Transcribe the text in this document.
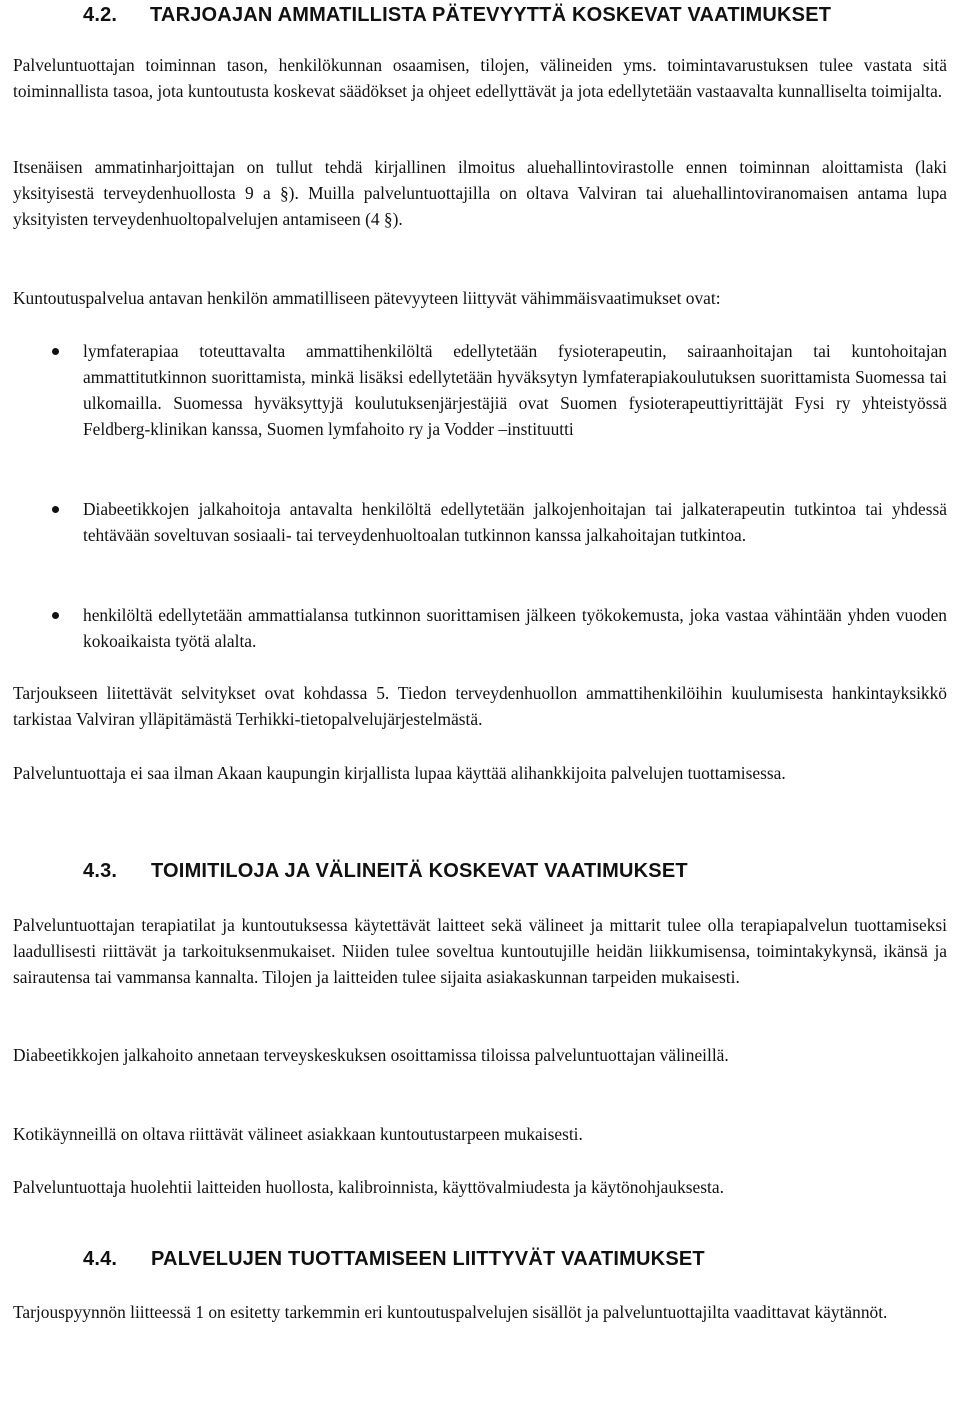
4.2.	TARJOAJAN AMMATILLISTA PÄTEVYYTTÄ KOSKEVAT VAATIMUKSET

Palveluntuottajan toiminnan tason, henkilökunnan osaamisen, tilojen, välineiden yms. toimintavarustuksen tulee vastata sitä toiminnallista tasoa, jota kuntoutusta koskevat säädökset ja ohjeet edellyttävät ja jota edellytetään vastaavalta kunnalliselta toimijalta.

Itsenäisen ammatinharjoittajan on tullut tehdä kirjallinen ilmoitus aluehallintovirastolle ennen toiminnan aloittamista (laki yksityisestä terveydenhuollosta 9 a §). Muilla palveluntuottajilla on oltava Valviran tai aluehallintoviranomaisen antama lupa yksityisten terveydenhuoltopalvelujen antamiseen (4 §).

Kuntoutuspalvelua antavan henkilön ammatilliseen pätevyyteen liittyvät vähimmäisvaatimukset ovat:

lymfaterapiaa toteuttavalta ammattihenkilöltä edellytetään fysioterapeutin, sairaanhoitajan tai kuntohoitajan ammattitutkinnon suorittamista, minkä lisäksi edellytetään hyväksytyn lymfaterapiakoulutuksen suorittamista Suomessa tai ulkomailla. Suomessa hyväksyttyjä koulutuksenjärjestäjiä ovat Suomen fysioterapeuttiyrittäjät Fysi ry yhteistyössä Feldberg-klinikan kanssa, Suomen lymfahoito ry ja Vodder –instituutti

Diabeetikkojen jalkahoitoja antavalta henkilöltä edellytetään jalkojenhoitajan tai jalkaterapeutin tutkintoa tai yhdessä tehtävään soveltuvan sosiaali- tai terveydenhuoltoalan tutkinnon kanssa jalkahoitajan tutkintoa.

henkilöltä edellytetään ammattialansa tutkinnon suorittamisen jälkeen työkokemusta, joka vastaa vähintään yhden vuoden kokoaikaista työtä alalta.

Tarjoukseen liitettävät selvitykset ovat kohdassa 5. Tiedon terveydenhuollon ammattihenkilöihin kuulumisesta hankintayksikkö tarkistaa Valviran ylläpitämästä Terhikki-tietopalvelujärjestelmästä.

Palveluntuottaja ei saa ilman Akaan kaupungin kirjallista lupaa käyttää alihankkijoita palvelujen tuottamisessa.

4.3.	TOIMITILOJA JA VÄLINEITÄ KOSKEVAT VAATIMUKSET

Palveluntuottajan terapiatilat ja kuntoutuksessa käytettävät laitteet sekä välineet ja mittarit tulee olla terapiapalvelun tuottamiseksi laadullisesti riittävät ja tarkoituksenmukaiset. Niiden tulee soveltua kuntoutujille heidän liikkumisensa, toimintakykynsä, ikänsä ja sairautensa tai vammansa kannalta. Tilojen ja laitteiden tulee sijaita asiakaskunnan tarpeiden mukaisesti.

Diabeetikkojen jalkahoito annetaan terveyskeskuksen osoittamissa tiloissa palveluntuottajan välineillä.

Kotikäynneillä on oltava riittävät välineet asiakkaan kuntoutustarpeen mukaisesti.

Palveluntuottaja huolehtii laitteiden huollosta, kalibroinnista, käyttövalmiudesta ja käytönohjauksesta.

4.4.	PALVELUJEN TUOTTAMISEEN LIITTYVÄT VAATIMUKSET

Tarjouspyynnön liitteessä 1 on esitetty tarkemmin eri kuntoutuspalvelujen sisällöt ja palveluntuottajilta vaadittavat käytännöt.
